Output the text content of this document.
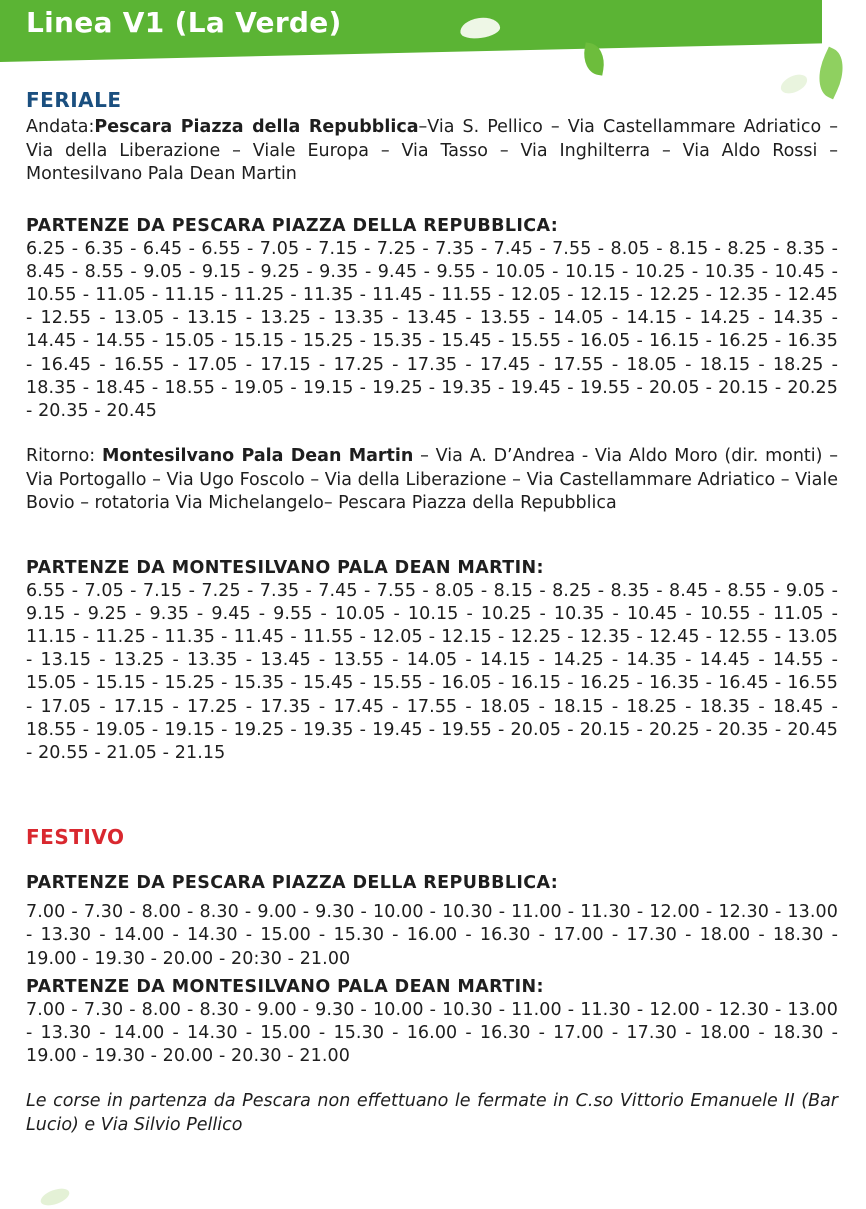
Linea V1 (La Verde)
FERIALE
Andata:Pescara Piazza della Repubblica–Via S. Pellico – Via Castellammare Adriatico – Via della Liberazione – Viale Europa – Via Tasso – Via Inghilterra – Via Aldo Rossi – Montesilvano Pala Dean Martin
PARTENZE DA PESCARA PIAZZA DELLA REPUBBLICA:
6.25 - 6.35 - 6.45 - 6.55 - 7.05 - 7.15 - 7.25 - 7.35 - 7.45 - 7.55 - 8.05 - 8.15 - 8.25 - 8.35 - 8.45 - 8.55 - 9.05 - 9.15 - 9.25 - 9.35 - 9.45 - 9.55 - 10.05 - 10.15 - 10.25 - 10.35 - 10.45 - 10.55 - 11.05 - 11.15 - 11.25 - 11.35 - 11.45 - 11.55 - 12.05 - 12.15 - 12.25 - 12.35 - 12.45 - 12.55 - 13.05 - 13.15 - 13.25 - 13.35 - 13.45 - 13.55 - 14.05 - 14.15 - 14.25 - 14.35 - 14.45 - 14.55 - 15.05 - 15.15 - 15.25 - 15.35 - 15.45 - 15.55 - 16.05 - 16.15 - 16.25 - 16.35 - 16.45 - 16.55 - 17.05 - 17.15 - 17.25 - 17.35 - 17.45 - 17.55 - 18.05 - 18.15 - 18.25 - 18.35 - 18.45 - 18.55 - 19.05 - 19.15 - 19.25 - 19.35 - 19.45 - 19.55 - 20.05 - 20.15 - 20.25 - 20.35 - 20.45
Ritorno: Montesilvano Pala Dean Martin – Via A. D’Andrea - Via Aldo Moro (dir. monti) – Via Portogallo – Via Ugo Foscolo – Via della Liberazione – Via Castellammare Adriatico – Viale Bovio – rotatoria Via Michelangelo– Pescara Piazza della Repubblica
PARTENZE DA MONTESILVANO PALA DEAN MARTIN:
6.55 - 7.05 - 7.15 - 7.25 - 7.35 - 7.45 - 7.55 - 8.05 - 8.15 - 8.25 - 8.35 - 8.45 - 8.55 - 9.05 - 9.15 - 9.25 - 9.35 - 9.45 - 9.55 - 10.05 - 10.15 - 10.25 - 10.35 - 10.45 - 10.55 - 11.05 - 11.15 - 11.25 - 11.35 - 11.45 - 11.55 - 12.05 - 12.15 - 12.25 - 12.35 - 12.45 - 12.55 - 13.05 - 13.15 - 13.25 - 13.35 - 13.45 - 13.55 - 14.05 - 14.15 - 14.25 - 14.35 - 14.45 - 14.55 - 15.05 - 15.15 - 15.25 - 15.35 - 15.45 - 15.55 - 16.05 - 16.15 - 16.25 - 16.35 - 16.45 - 16.55 - 17.05 - 17.15 - 17.25 - 17.35 - 17.45 - 17.55 - 18.05 - 18.15 - 18.25 - 18.35 - 18.45 - 18.55 - 19.05 - 19.15 - 19.25 - 19.35 - 19.45 - 19.55 - 20.05 - 20.15 - 20.25 - 20.35 - 20.45 - 20.55 - 21.05 - 21.15
FESTIVO
PARTENZE DA PESCARA PIAZZA DELLA REPUBBLICA:
7.00 - 7.30 - 8.00 - 8.30 - 9.00 - 9.30 - 10.00 - 10.30 - 11.00 - 11.30 - 12.00 - 12.30 - 13.00 - 13.30 - 14.00 - 14.30 - 15.00 - 15.30 - 16.00 - 16.30 - 17.00 - 17.30 - 18.00 - 18.30 - 19.00 - 19.30 - 20.00 - 20:30 - 21.00
PARTENZE DA MONTESILVANO PALA DEAN MARTIN:
7.00 - 7.30 - 8.00 - 8.30 - 9.00 - 9.30 - 10.00 - 10.30 - 11.00 - 11.30 - 12.00 - 12.30 - 13.00 - 13.30 - 14.00 - 14.30 - 15.00 - 15.30 - 16.00 - 16.30 - 17.00 - 17.30 - 18.00 - 18.30 - 19.00 - 19.30 - 20.00 - 20.30 - 21.00
Le corse in partenza da Pescara non effettuano le fermate in C.so Vittorio Emanuele II (Bar Lucio) e Via Silvio Pellico
